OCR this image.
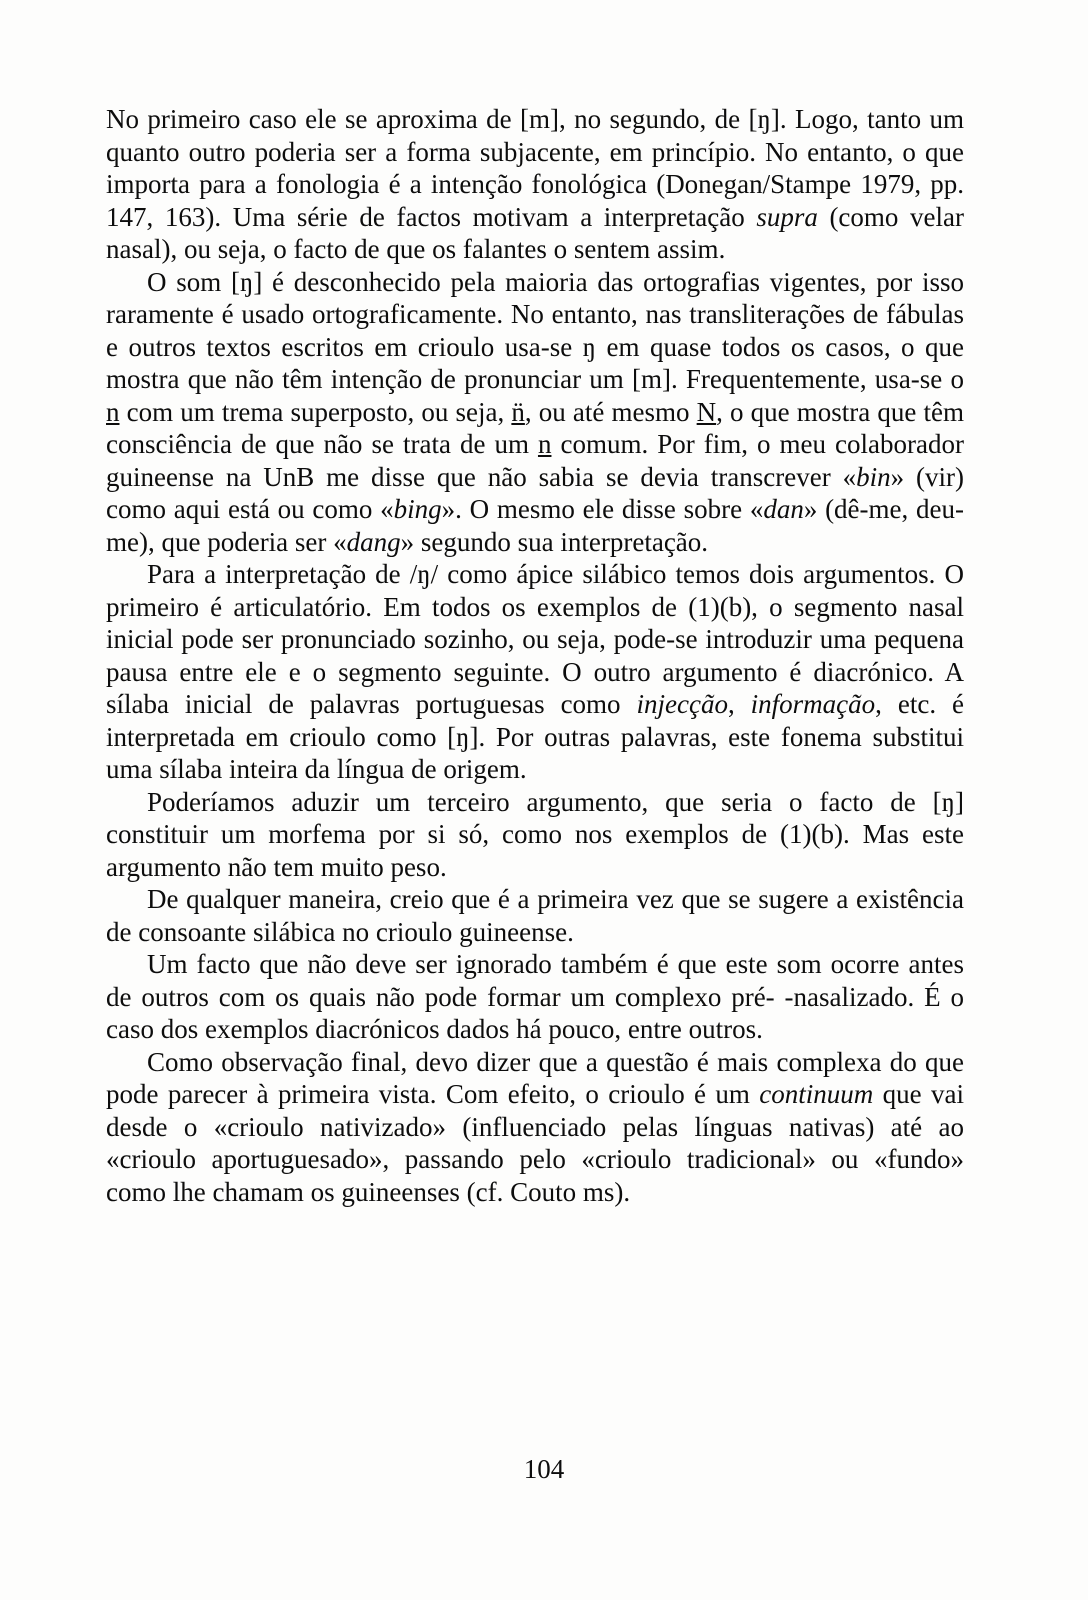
No primeiro caso ele se aproxima de [m], no segundo, de [ŋ]. Logo, tanto um quanto outro poderia ser a forma subjacente, em princípio. No entanto, o que importa para a fonologia é a intenção fonológica (Donegan/Stampe 1979, pp. 147, 163). Uma série de factos motivam a interpretação supra (como velar nasal), ou seja, o facto de que os falantes o sentem assim.

O som [ŋ] é desconhecido pela maioria das ortografias vigentes, por isso raramente é usado ortograficamente. No entanto, nas transliterações de fábulas e outros textos escritos em crioulo usa-se ŋ em quase todos os casos, o que mostra que não têm intenção de pronunciar um [m]. Frequentemente, usa-se o n com um trema superposto, ou seja, n̈, ou até mesmo N, o que mostra que têm consciência de que não se trata de um n comum. Por fim, o meu colaborador guineense na UnB me disse que não sabia se devia transcrever «bin» (vir) como aqui está ou como «bing». O mesmo ele disse sobre «dan» (dê-me, deu-me), que poderia ser «dang» segundo sua interpretação.

Para a interpretação de /ŋ/ como ápice silábico temos dois argumentos. O primeiro é articulatório. Em todos os exemplos de (1)(b), o segmento nasal inicial pode ser pronunciado sozinho, ou seja, pode-se introduzir uma pequena pausa entre ele e o segmento seguinte. O outro argumento é diacrónico. A sílaba inicial de palavras portuguesas como injecção, informação, etc. é interpretada em crioulo como [ŋ]. Por outras palavras, este fonema substitui uma sílaba inteira da língua de origem.

Poderíamos aduzir um terceiro argumento, que seria o facto de [ŋ] constituir um morfema por si só, como nos exemplos de (1)(b). Mas este argumento não tem muito peso.

De qualquer maneira, creio que é a primeira vez que se sugere a existência de consoante silábica no crioulo guineense.

Um facto que não deve ser ignorado também é que este som ocorre antes de outros com os quais não pode formar um complexo pré- -nasalizado. É o caso dos exemplos diacrónicos dados há pouco, entre outros.

Como observação final, devo dizer que a questão é mais complexa do que pode parecer à primeira vista. Com efeito, o crioulo é um continuum que vai desde o «crioulo nativizado» (influenciado pelas línguas nativas) até ao «crioulo aportuguesado», passando pelo «crioulo tradicional» ou «fundo» como lhe chamam os guineenses (cf. Couto ms).

104
